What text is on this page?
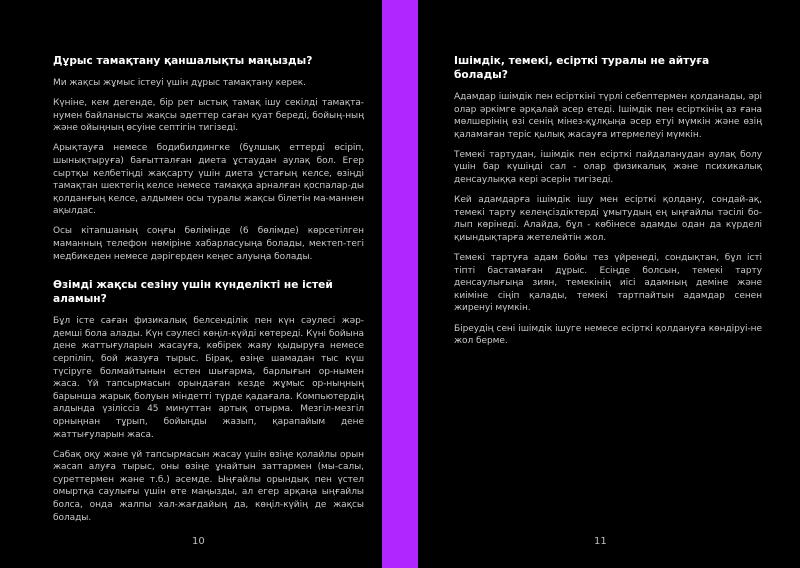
Дұрыс тамақтану қаншалықты маңызды?

Ми жақсы жұмыс істеуі үшін дұрыс тамақтану керек.

Күніне, кем дегенде, бір рет ыстық тамақ ішу секілді тамақта-нумен байланысты жақсы әдеттер саған қуат береді, бойың-ның және ойыңның өсуіне септігін тигізеді.

Арықтауға немесе бодибилдингке (бұлшық еттерді өсіріп, шынықтыруға) бағытталған диета ұстаудан аулақ бол. Егер сыртқы келбетіңді жақсарту үшін диета ұстағың келсе, өзіңді тамақтан шектегің келсе немесе тамаққа арналған қоспалар-ды қолданғың келсе, алдымен осы туралы жақсы білетін ма-маннен ақылдас.

Осы кітапшаның соңғы бөлімінде (6 бөлімде) көрсетілген маманның телефон нөміріне хабарласуыңа болады, мектеп-тегі медбикеден немесе дәрігерден кеңес алуыңа болады.

Өзімді жақсы сезіну үшін күнделікті не істей аламын?

Бұл істе саған физикалық белсенділік пен күн сәулесі жәр-демші бола алады. Күн сәулесі көңіл-күйді көтереді. Күні бойына дене жаттығуларын жасауға, көбірек жаяу қыдыруға немесе серпіліп, бой жазуға тырыс. Бірақ, өзіңе шамадан тыс күш түсіруге болмайтынын естен шығарма, барлығын ор-нымен жаса. Үй тапсырмасын орындаған кезде жұмыс ор-ныңның барынша жарық болуын міндетті түрде қадағала. Компьютердің алдында үзіліссіз 45 минуттан артық отырма. Мезгіл-мезгіл орныңнан тұрып, бойыңды жазып, қарапайым дене жаттығуларын жаса.

Сабақ оқу және үй тапсырмасын жасау үшін өзіңе қолайлы орын жасап алуға тырыс, оны өзіңе ұнайтын заттармен (мы-салы, суреттермен және т.б.) әсемде. Ыңғайлы орындық пен үстел омыртқа саулығы үшін өте маңызды, ал егер арқаңа ыңғайлы болса, онда жалпы хал-жағдайың да, көңіл-күйің де жақсы болады.

10
Ішімдік, темекі, есірткі туралы не айтуға болады?

Адамдар ішімдік пен есірткіні түрлі себептермен қолданады, әрі олар әркімге әрқалай әсер етеді. Ішімдік пен есірткінің аз ғана мөлшерінің өзі сенің мінез-құлқыңа әсер етуі мүмкін және өзің қаламаған теріс қылық жасауға итермелеуі мүмкін.

Темекі тартудан, ішімдік пен есірткі пайдаланудан аулақ болу үшін бар күшіңді сал - олар физикалық және психикалық денсаулыққа кері әсерін тигізеді.

Кей адамдарға ішімдік ішу мен есірткі қолдану, сондай-ақ, темекі тарту келеңсіздіктерді ұмытудың ең ыңғайлы тәсілі бо-лып көрінеді. Алайда, бұл - көбінесе адамды одан да күрделі қиындықтарға жетелейтін жол.

Темекі тартуға адам бойы тез үйренеді, сондықтан, бұл істі тіпті бастамаған дұрыс. Есіңде болсын, темекі тарту денсаулығыңа зиян, темекінің иісі адамның деміне және киіміне сіңіп қалады, темекі тартпайтын адамдар сенен жиренуі мүмкін.

Біреудің сені ішімдік ішуге немесе есірткі қолдануға көндіруі-не жол берме.

11
